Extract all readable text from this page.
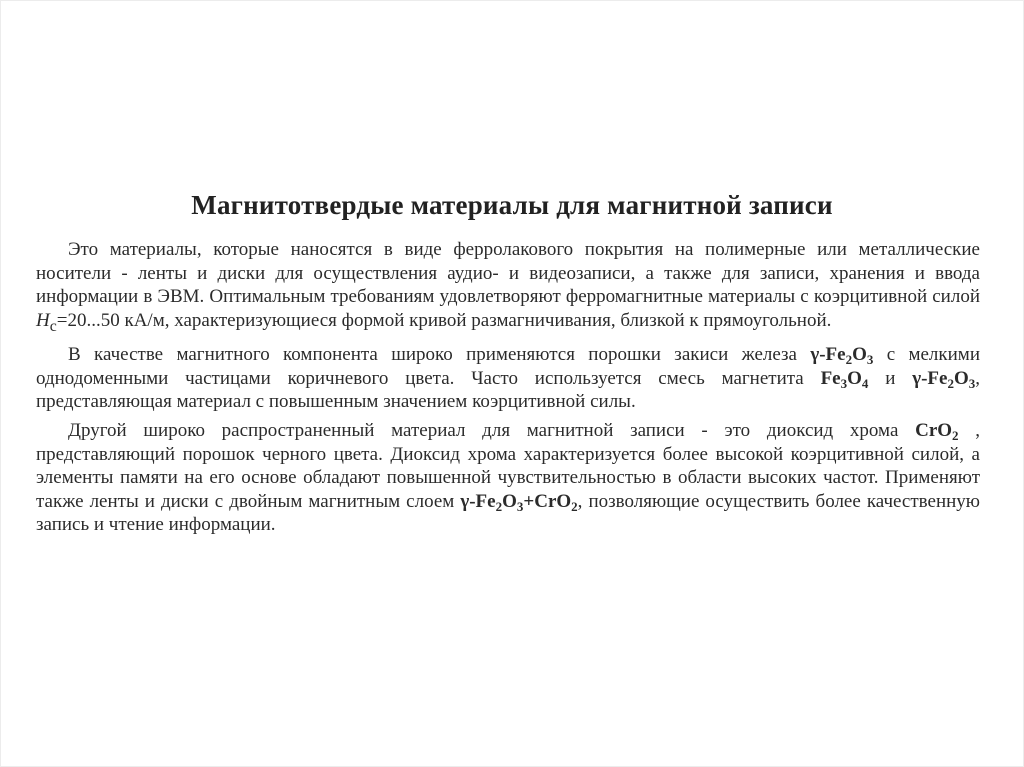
Магнитотвердые материалы для магнитной записи

Это материалы, которые наносятся в виде ферролакового покрытия на полимерные или металлические носители - ленты и диски для осуществления аудио- и видеозаписи, а также для записи, хранения и ввода информации в ЭВМ. Оптимальным требованиям удовлетворяют ферромагнитные материалы с коэрцитивной силой $H_c=20...50$ кА/м, характеризующиеся формой кривой размагничивания, близкой к прямоугольной.

В качестве магнитного компонента широко применяются порошки закиси железа $\gamma-Fe_2O_3$ с мелкими однодоменными частицами коричневого цвета. Часто используется смесь магнетита $Fe_3O_4$ и $\gamma-Fe_2O_3$, представляющая материал с повышенным значением коэрцитивной силы.

Другой широко распространенный материал для магнитной записи - это диоксид хрома CrO$_2$ , представляющий порошок черного цвета. Диоксид хрома характеризуется более высокой коэрцитивной силой, а элементы памяти на его основе обладают повышенной чувствительностью в области высоких частот. Применяют также ленты и диски с двойным магнитным слоем $\gamma-Fe_2O_3+CrO_2$, позволяющие осуществить более качественную запись и чтение информации.
